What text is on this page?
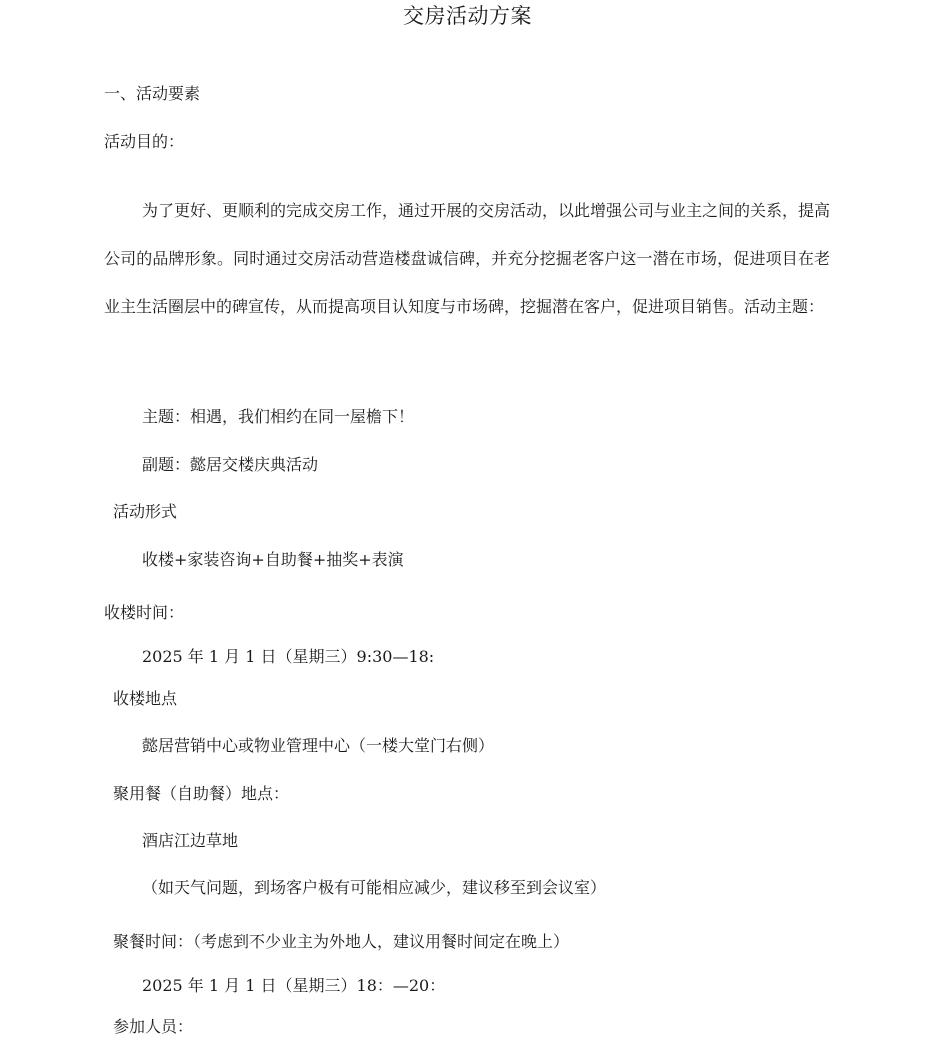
交房活动方案
一、活动要素
活动目的：
为了更好、更顺利的完成交房工作，通过开展的交房活动，以此增强公司与业主之间的关系，提高公司的品牌形象。同时通过交房活动营造楼盘诚信碑，并充分挖掘老客户这一潜在市场，促进项目在老业主生活圈层中的碑宣传，从而提高项目认知度与市场碑，挖掘潜在客户，促进项目销售。活动主题：
主题：相遇，我们相约在同一屋檐下！
副题：懿居交楼庆典活动
活动形式
收楼+家装咨询+自助餐+抽奖+表演
收楼时间：
2025 年 1 月 1 日（星期三）9:30—18:
收楼地点
懿居营销中心或物业管理中心（一楼大堂门右侧）
聚用餐（自助餐）地点：
酒店江边草地
（如天气问题，到场客户极有可能相应减少，建议移至到会议室）
聚餐时间：（考虑到不少业主为外地人，建议用餐时间定在晚上）
2025 年 1 月 1 日（星期三）18：—20：
参加人员：
